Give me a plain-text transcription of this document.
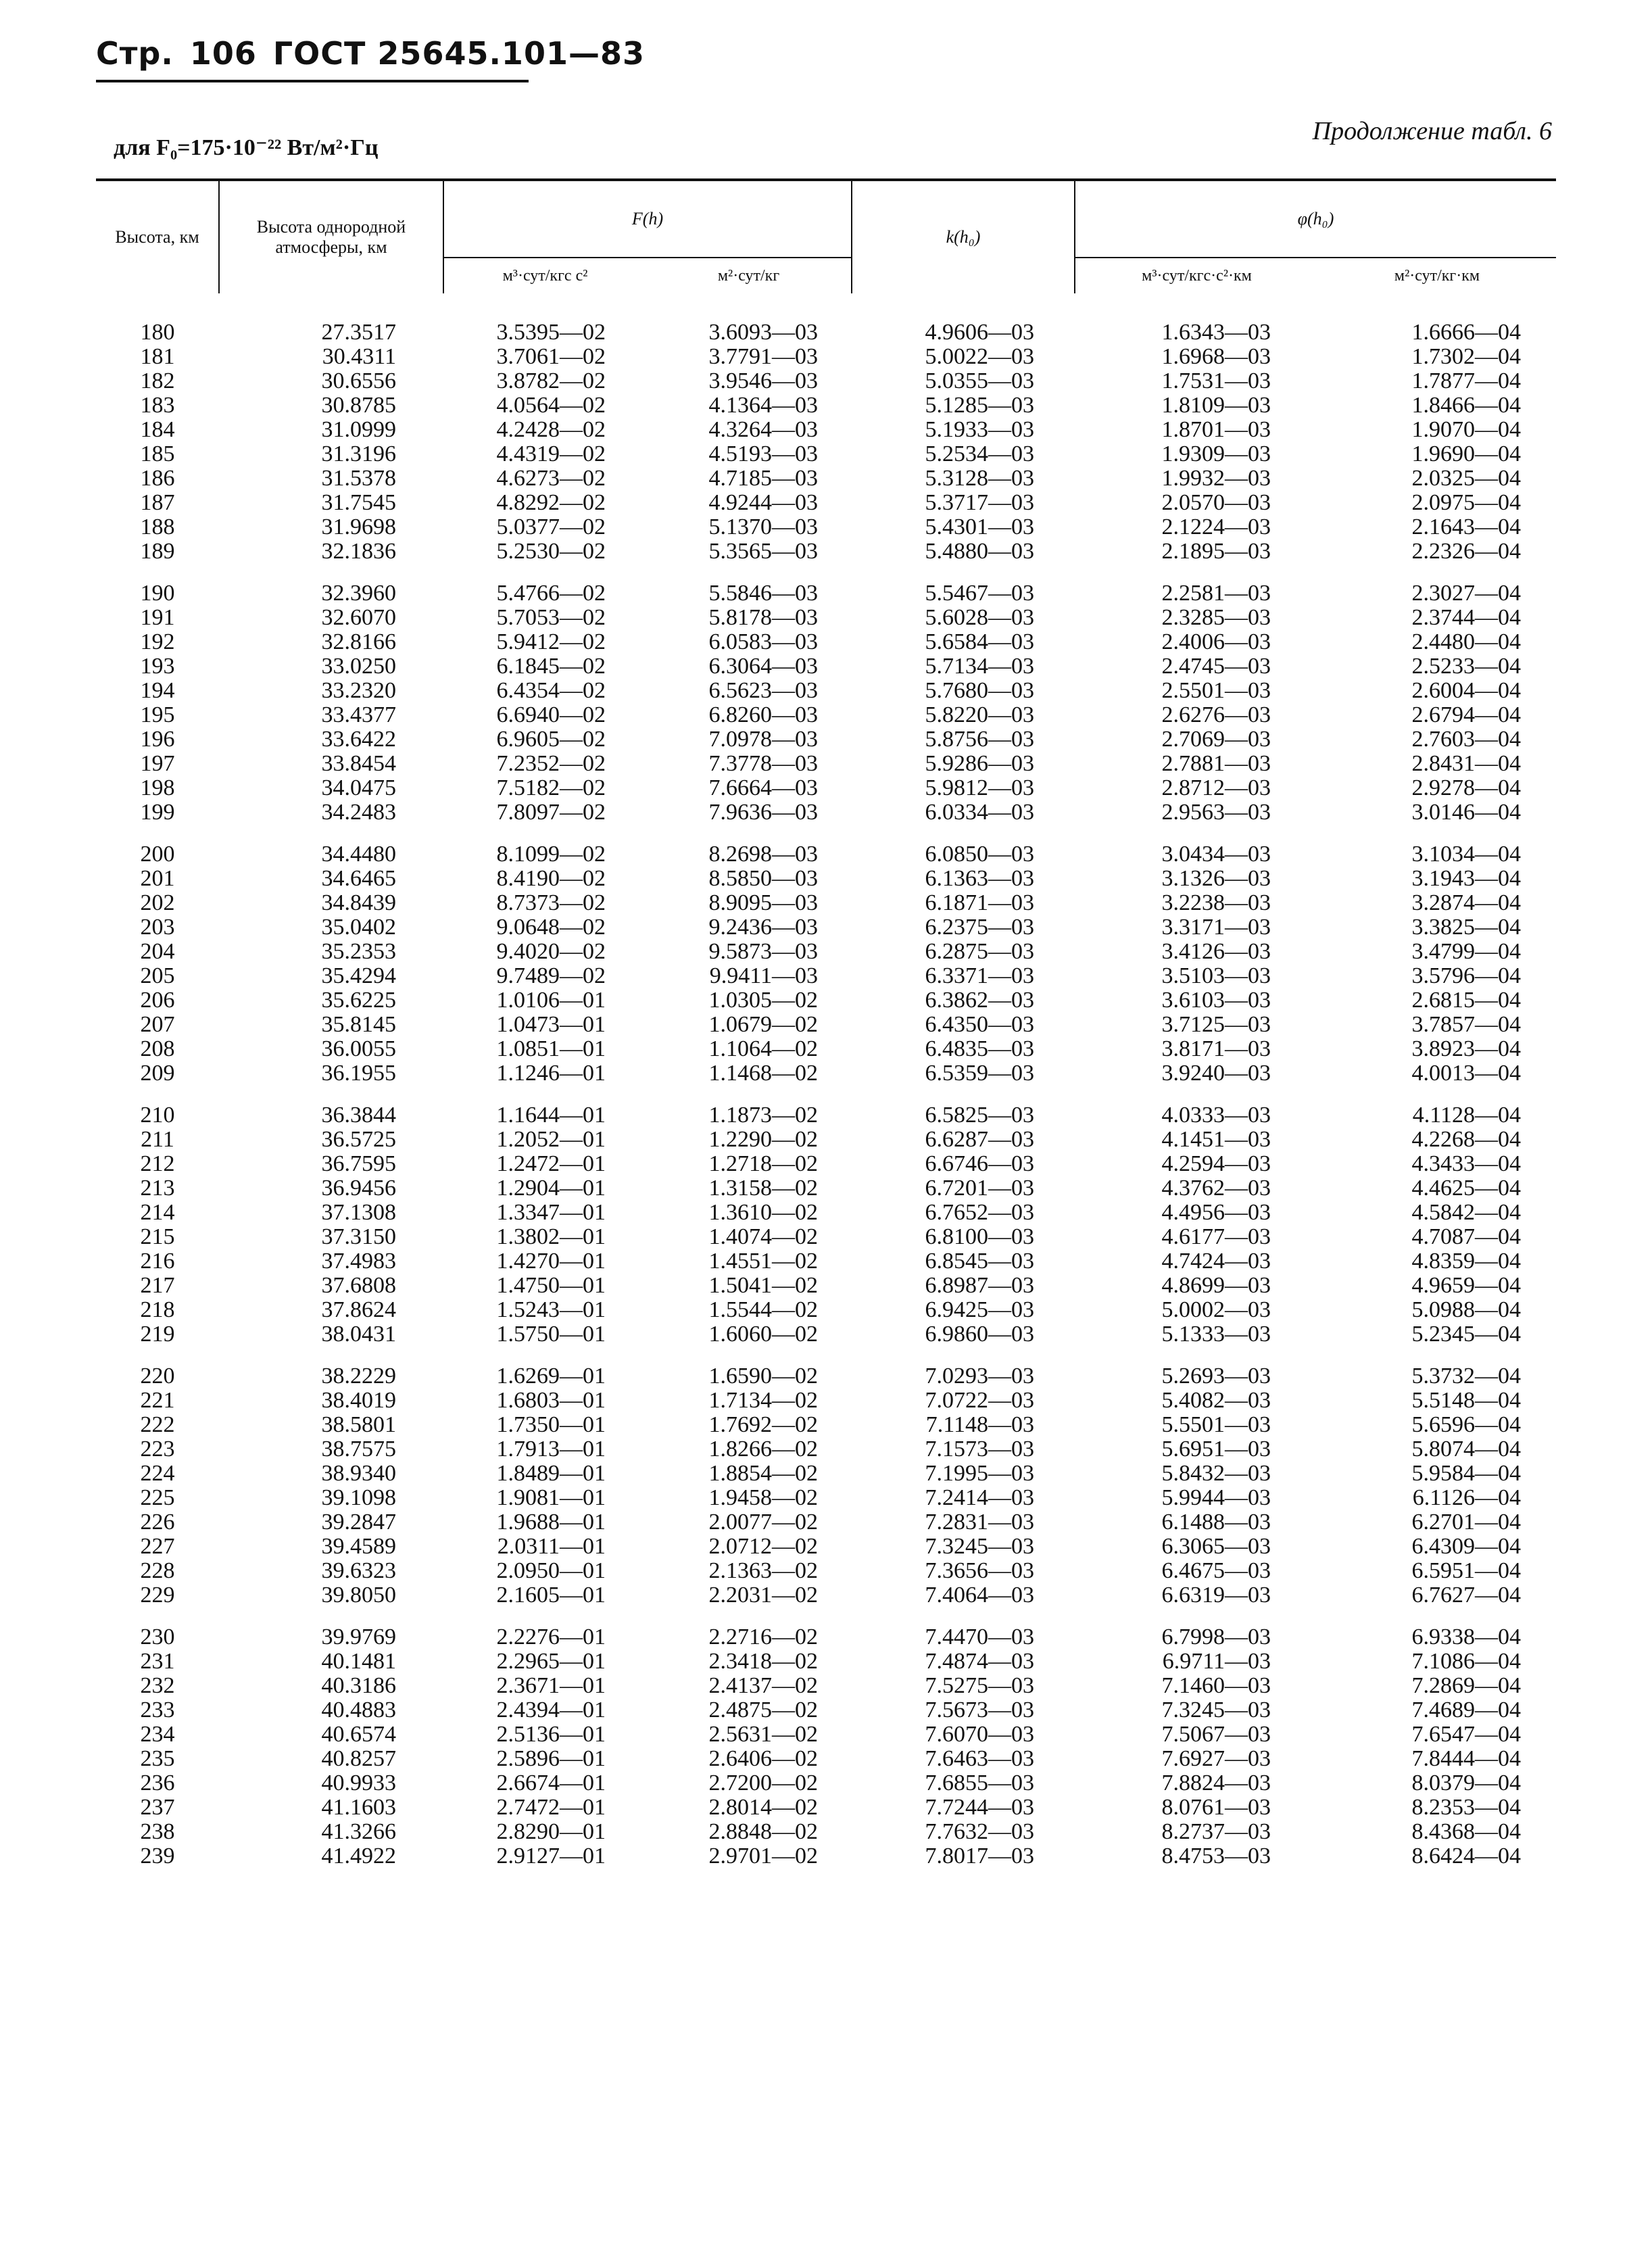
Стр. 106 ГОСТ 25645.101—83
для F₀=175·10⁻²² Вт/м²·Гц
Продолжение табл. 6
Высота, км	Высота однородной атмосферы, км	F(h)		k(h₀)	φ(h₀)	
		м³·сут/кгс с²	м²·сут/кг		м³·сут/кгс·с²·км	м²·сут/кг·км
180	27.3517	3.5395—02	3.6093—03	4.9606—03	1.6343—03	1.6666—04
181	30.4311	3.7061—02	3.7791—03	5.0022—03	1.6968—03	1.7302—04
182	30.6556	3.8782—02	3.9546—03	5.0355—03	1.7531—03	1.7877—04
183	30.8785	4.0564—02	4.1364—03	5.1285—03	1.8109—03	1.8466—04
184	31.0999	4.2428—02	4.3264—03	5.1933—03	1.8701—03	1.9070—04
185	31.3196	4.4319—02	4.5193—03	5.2534—03	1.9309—03	1.9690—04
186	31.5378	4.6273—02	4.7185—03	5.3128—03	1.9932—03	2.0325—04
187	31.7545	4.8292—02	4.9244—03	5.3717—03	2.0570—03	2.0975—04
188	31.9698	5.0377—02	5.1370—03	5.4301—03	2.1224—03	2.1643—04
189	32.1836	5.2530—02	5.3565—03	5.4880—03	2.1895—03	2.2326—04

190	32.3960	5.4766—02	5.5846—03	5.5467—03	2.2581—03	2.3027—04
191	32.6070	5.7053—02	5.8178—03	5.6028—03	2.3285—03	2.3744—04
192	32.8166	5.9412—02	6.0583—03	5.6584—03	2.4006—03	2.4480—04
193	33.0250	6.1845—02	6.3064—03	5.7134—03	2.4745—03	2.5233—04
194	33.2320	6.4354—02	6.5623—03	5.7680—03	2.5501—03	2.6004—04
195	33.4377	6.6940—02	6.8260—03	5.8220—03	2.6276—03	2.6794—04
196	33.6422	6.9605—02	7.0978—03	5.8756—03	2.7069—03	2.7603—04
197	33.8454	7.2352—02	7.3778—03	5.9286—03	2.7881—03	2.8431—04
198	34.0475	7.5182—02	7.6664—03	5.9812—03	2.8712—03	2.9278—04
199	34.2483	7.8097—02	7.9636—03	6.0334—03	2.9563—03	3.0146—04

200	34.4480	8.1099—02	8.2698—03	6.0850—03	3.0434—03	3.1034—04
201	34.6465	8.4190—02	8.5850—03	6.1363—03	3.1326—03	3.1943—04
202	34.8439	8.7373—02	8.9095—03	6.1871—03	3.2238—03	3.2874—04
203	35.0402	9.0648—02	9.2436—03	6.2375—03	3.3171—03	3.3825—04
204	35.2353	9.4020—02	9.5873—03	6.2875—03	3.4126—03	3.4799—04
205	35.4294	9.7489—02	9.9411—03	6.3371—03	3.5103—03	3.5796—04
206	35.6225	1.0106—01	1.0305—02	6.3862—03	3.6103—03	2.6815—04
207	35.8145	1.0473—01	1.0679—02	6.4350—03	3.7125—03	3.7857—04
208	36.0055	1.0851—01	1.1064—02	6.4835—03	3.8171—03	3.8923—04
209	36.1955	1.1246—01	1.1468—02	6.5359—03	3.9240—03	4.0013—04

210	36.3844	1.1644—01	1.1873—02	6.5825—03	4.0333—03	4.1128—04
211	36.5725	1.2052—01	1.2290—02	6.6287—03	4.1451—03	4.2268—04
212	36.7595	1.2472—01	1.2718—02	6.6746—03	4.2594—03	4.3433—04
213	36.9456	1.2904—01	1.3158—02	6.7201—03	4.3762—03	4.4625—04
214	37.1308	1.3347—01	1.3610—02	6.7652—03	4.4956—03	4.5842—04
215	37.3150	1.3802—01	1.4074—02	6.8100—03	4.6177—03	4.7087—04
216	37.4983	1.4270—01	1.4551—02	6.8545—03	4.7424—03	4.8359—04
217	37.6808	1.4750—01	1.5041—02	6.8987—03	4.8699—03	4.9659—04
218	37.8624	1.5243—01	1.5544—02	6.9425—03	5.0002—03	5.0988—04
219	38.0431	1.5750—01	1.6060—02	6.9860—03	5.1333—03	5.2345—04

220	38.2229	1.6269—01	1.6590—02	7.0293—03	5.2693—03	5.3732—04
221	38.4019	1.6803—01	1.7134—02	7.0722—03	5.4082—03	5.5148—04
222	38.5801	1.7350—01	1.7692—02	7.1148—03	5.5501—03	5.6596—04
223	38.7575	1.7913—01	1.8266—02	7.1573—03	5.6951—03	5.8074—04
224	38.9340	1.8489—01	1.8854—02	7.1995—03	5.8432—03	5.9584—04
225	39.1098	1.9081—01	1.9458—02	7.2414—03	5.9944—03	6.1126—04
226	39.2847	1.9688—01	2.0077—02	7.2831—03	6.1488—03	6.2701—04
227	39.4589	2.0311—01	2.0712—02	7.3245—03	6.3065—03	6.4309—04
228	39.6323	2.0950—01	2.1363—02	7.3656—03	6.4675—03	6.5951—04
229	39.8050	2.1605—01	2.2031—02	7.4064—03	6.6319—03	6.7627—04

230	39.9769	2.2276—01	2.2716—02	7.4470—03	6.7998—03	6.9338—04
231	40.1481	2.2965—01	2.3418—02	7.4874—03	6.9711—03	7.1086—04
232	40.3186	2.3671—01	2.4137—02	7.5275—03	7.1460—03	7.2869—04
233	40.4883	2.4394—01	2.4875—02	7.5673—03	7.3245—03	7.4689—04
234	40.6574	2.5136—01	2.5631—02	7.6070—03	7.5067—03	7.6547—04
235	40.8257	2.5896—01	2.6406—02	7.6463—03	7.6927—03	7.8444—04
236	40.9933	2.6674—01	2.7200—02	7.6855—03	7.8824—03	8.0379—04
237	41.1603	2.7472—01	2.8014—02	7.7244—03	8.0761—03	8.2353—04
238	41.3266	2.8290—01	2.8848—02	7.7632—03	8.2737—03	8.4368—04
239	41.4922	2.9127—01	2.9701—02	7.8017—03	8.4753—03	8.6424—04
